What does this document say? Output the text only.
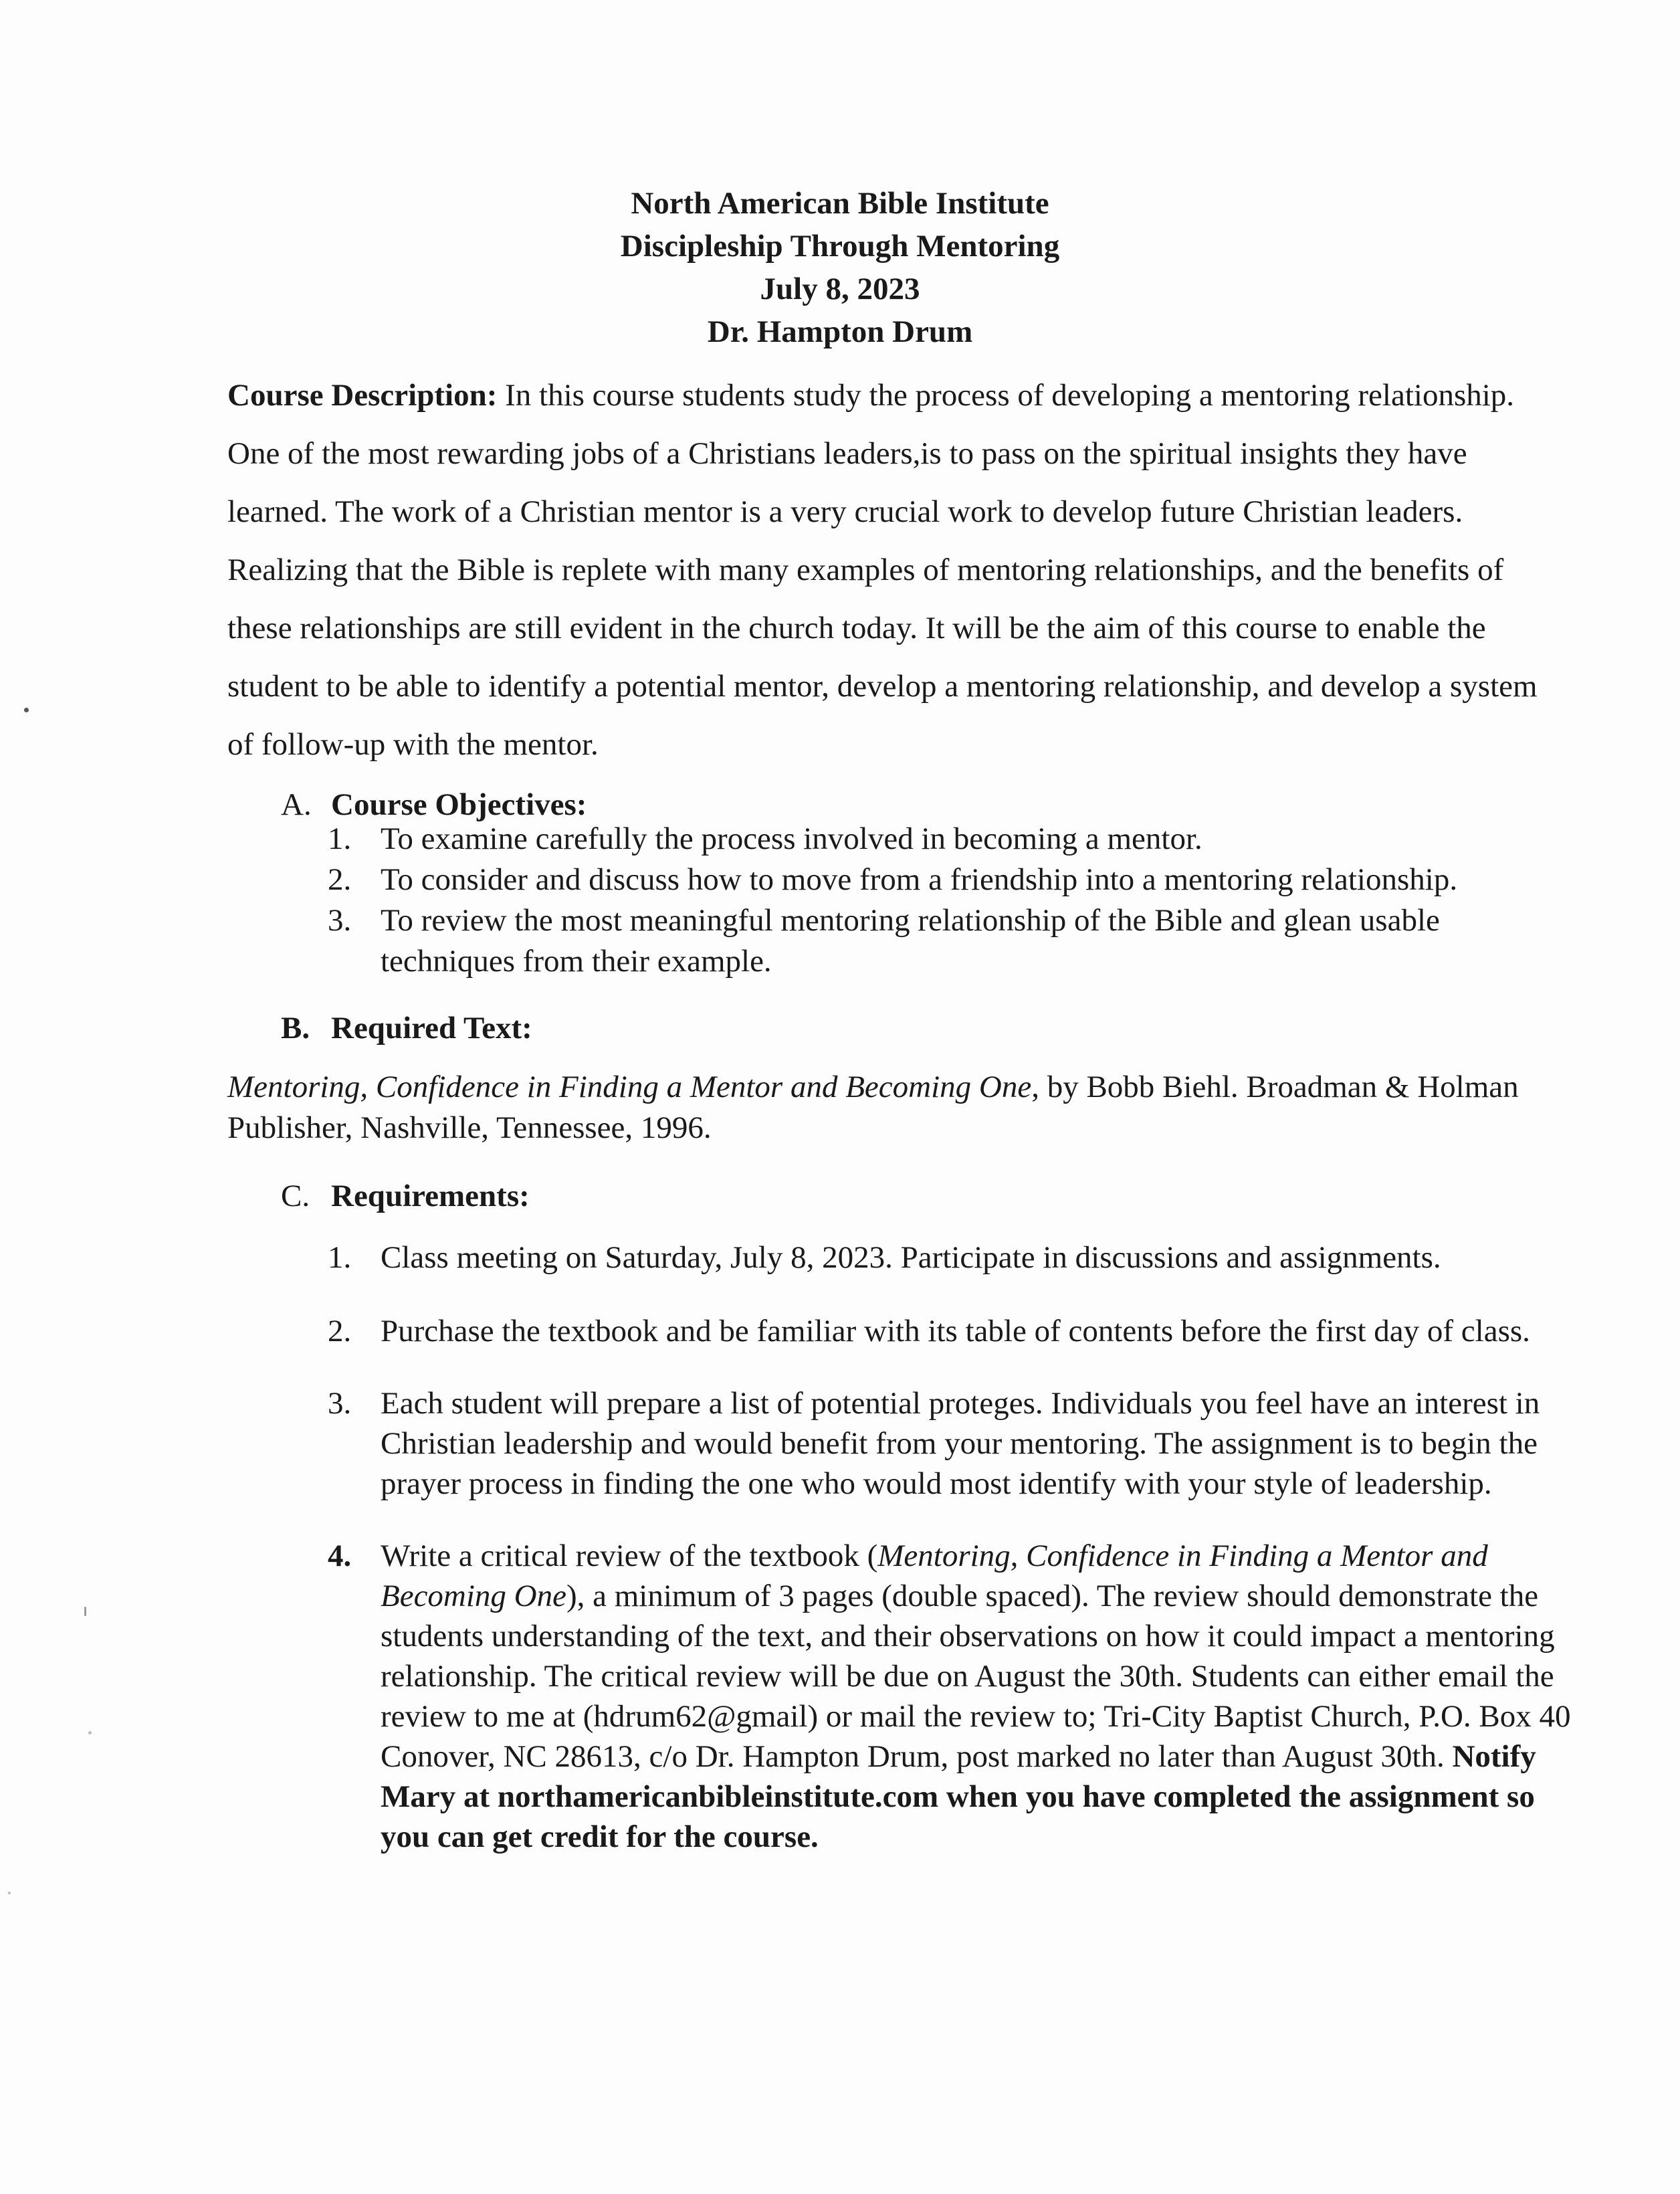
North American Bible Institute
Discipleship Through Mentoring
July 8, 2023
Dr. Hampton Drum
Course Description: In this course students study the process of developing a mentoring relationship. One of the most rewarding jobs of a Christians leaders,is to pass on the spiritual insights they have learned. The work of a Christian mentor is a very crucial work to develop future Christian leaders. Realizing that the Bible is replete with many examples of mentoring relationships, and the benefits of these relationships are still evident in the church today. It will be the aim of this course to enable the student to be able to identify a potential mentor, develop a mentoring relationship, and develop a system of follow-up with the mentor.
A. Course Objectives:
1. To examine carefully the process involved in becoming a mentor.
2. To consider and discuss how to move from a friendship into a mentoring relationship.
3. To review the most meaningful mentoring relationship of the Bible and glean usable techniques from their example.
B. Required Text:
Mentoring, Confidence in Finding a Mentor and Becoming One, by Bobb Biehl. Broadman & Holman Publisher, Nashville, Tennessee, 1996.
C. Requirements:
1. Class meeting on Saturday, July 8, 2023. Participate in discussions and assignments.
2. Purchase the textbook and be familiar with its table of contents before the first day of class.
3. Each student will prepare a list of potential proteges. Individuals you feel have an interest in Christian leadership and would benefit from your mentoring. The assignment is to begin the prayer process in finding the one who would most identify with your style of leadership.
4. Write a critical review of the textbook (Mentoring, Confidence in Finding a Mentor and Becoming One), a minimum of 3 pages (double spaced). The review should demonstrate the students understanding of the text, and their observations on how it could impact a mentoring relationship. The critical review will be due on August the 30th. Students can either email the review to me at (hdrum62@gmail) or mail the review to; Tri-City Baptist Church, P.O. Box 40 Conover, NC 28613, c/o Dr. Hampton Drum, post marked no later than August 30th. Notify Mary at northamericanbibleinstitute.com when you have completed the assignment so you can get credit for the course.
